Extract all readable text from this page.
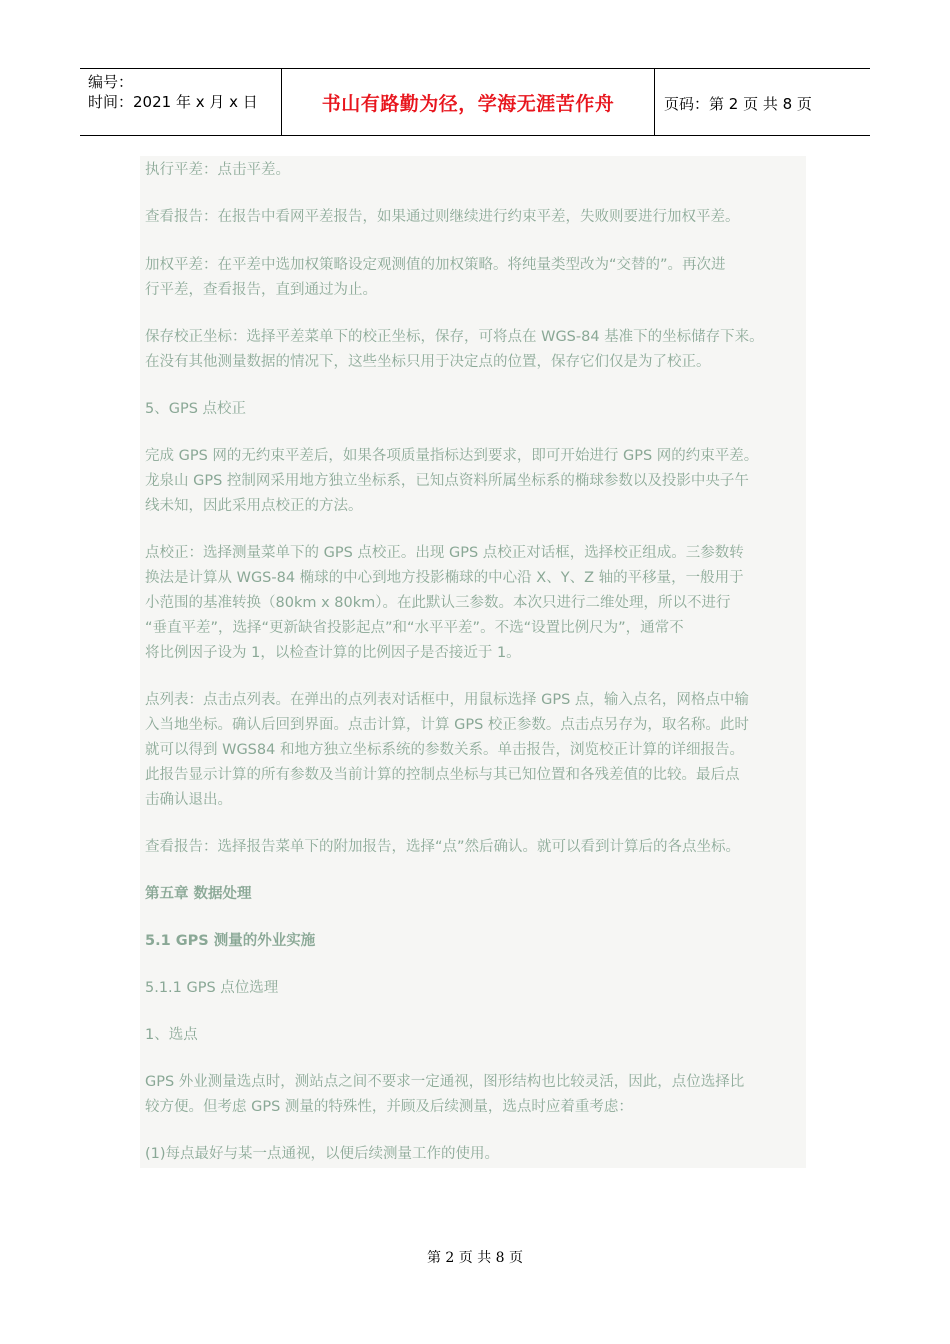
编号：
时间：2021 年 x 月 x 日	书山有路勤为径，学海无涯苦作舟	页码：第 2 页 共 8 页

执行平差：点击平差。

查看报告：在报告中看网平差报告，如果通过则继续进行约束平差，失败则要进行加权平差。

加权平差：在平差中选加权策略设定观测值的加权策略。将纯量类型改为“交替的”。再次进

行平差，查看报告，直到通过为止。

保存校正坐标：选择平差菜单下的校正坐标，保存，可将点在 WGS-84 基准下的坐标储存下来。

在没有其他测量数据的情况下，这些坐标只用于决定点的位置，保存它们仅是为了校正。

5、GPS 点校正

完成 GPS 网的无约束平差后，如果各项质量指标达到要求，即可开始进行 GPS 网的约束平差。

龙泉山 GPS 控制网采用地方独立坐标系，已知点资料所属坐标系的椭球参数以及投影中央子午

线未知，因此采用点校正的方法。

点校正：选择测量菜单下的 GPS 点校正。出现 GPS 点校正对话框，选择校正组成。三参数转

换法是计算从 WGS-84 椭球的中心到地方投影椭球的中心沿 X、Y、Z 轴的平移量，一般用于

小范围的基准转换（80km x 80km）。在此默认三参数。本次只进行二维处理，所以不进行

“垂直平差”，选择“更新缺省投影起点”和“水平平差”。不选“设置比例尺为”，通常不

将比例因子设为 1，以检查计算的比例因子是否接近于 1。

点列表：点击点列表。在弹出的点列表对话框中，用鼠标选择 GPS 点，输入点名，网格点中输

入当地坐标。确认后回到界面。点击计算，计算 GPS 校正参数。点击点另存为，取名称。此时

就可以得到 WGS84 和地方独立坐标系统的参数关系。单击报告，浏览校正计算的详细报告。

此报告显示计算的所有参数及当前计算的控制点坐标与其已知位置和各残差值的比较。最后点

击确认退出。

查看报告：选择报告菜单下的附加报告，选择“点”然后确认。就可以看到计算后的各点坐标。

第五章 数据处理

5.1 GPS 测量的外业实施

5.1.1 GPS 点位选理

1、选点

GPS 外业测量选点时，测站点之间不要求一定通视，图形结构也比较灵活，因此，点位选择比

较方便。但考虑 GPS 测量的特殊性，并顾及后续测量，选点时应着重考虑：

(1)每点最好与某一点通视，以便后续测量工作的使用。

第 2 页 共 8 页
